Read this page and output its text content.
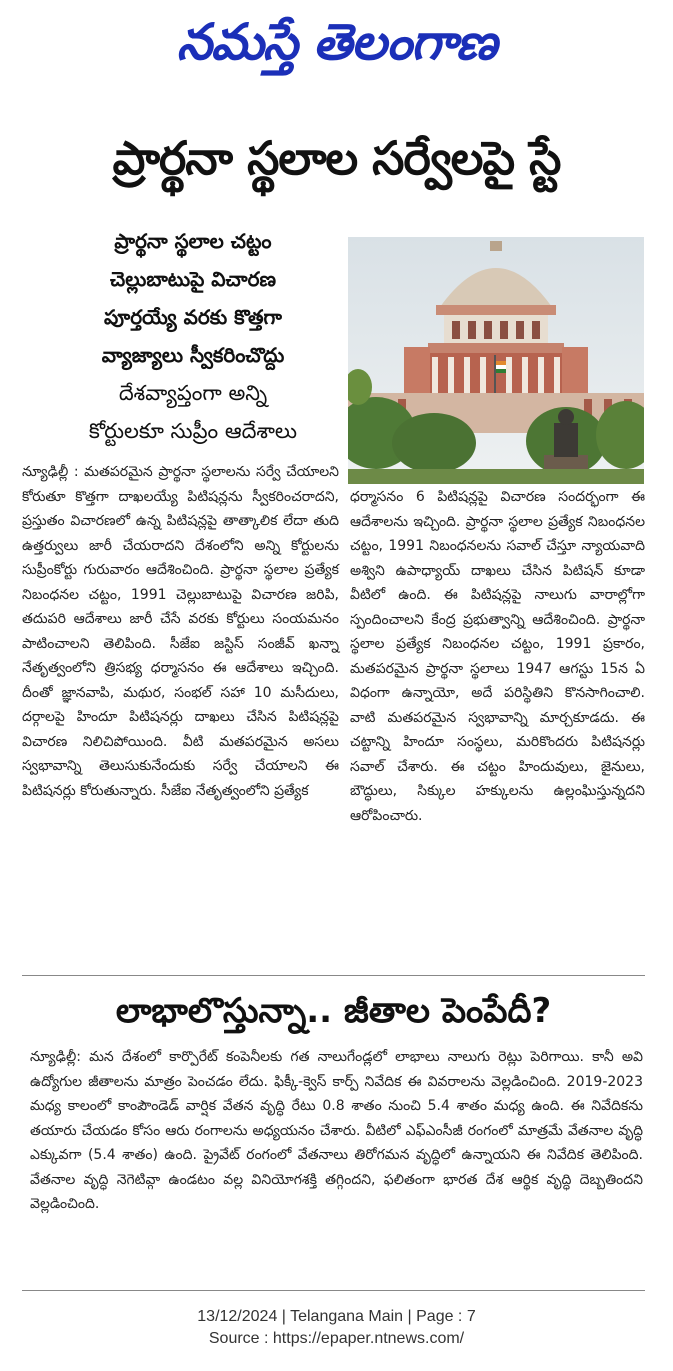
నమస్తే తెలంగాణ
ప్రార్థనా స్థలాల సర్వేలపై స్టే
ప్రార్థనా స్థలాల చట్టం
చెల్లుబాటుపై విచారణ
పూర్తయ్యే వరకు కొత్తగా
వ్యాజ్యాలు స్వీకరించొద్దు
దేశవ్యాప్తంగా అన్ని
కోర్టులకూ సుప్రీం ఆదేశాలు
న్యూఢిల్లీ : మతపరమైన ప్రార్థనా స్థలాలను సర్వే చేయాలని కోరుతూ కొత్తగా దాఖలయ్యే పిటిషన్లను స్వీకరించరాదని, ప్రస్తుతం విచారణలో ఉన్న పిటిషన్లపై తాత్కాలిక లేదా తుది ఉత్తర్వులు జారీ చేయరాదని దేశంలోని అన్ని కోర్టులను సుప్రీంకోర్టు గురువారం ఆదేశించింది. ప్రార్థనా స్థలాల ప్రత్యేక నిబంధనల చట్టం, 1991 చెల్లుబాటుపై విచారణ జరిపి, తదుపరి ఆదేశాలు జారీ చేసే వరకు కోర్టులు సంయమనం పాటించాలని తెలిపింది. సీజేఐ జస్టిస్ సంజీవ్ ఖన్నా నేతృత్వంలోని త్రిసభ్య ధర్మాసనం ఈ ఆదేశాలు ఇచ్చింది. దీంతో జ్ఞానవాపి, మథుర, సంభల్ సహా 10 మసీదులు, దర్గాలపై హిందూ పిటిషనర్లు దాఖలు చేసిన పిటిషన్లపై విచారణ నిలిచిపోయింది. వీటి మతపరమైన అసలు స్వభావాన్ని తెలుసుకునేందుకు సర్వే చేయాలని ఈ పిటిషనర్లు కోరుతున్నారు. సీజేఐ నేతృత్వంలోని ప్రత్యేక
ధర్మాసనం 6 పిటిషన్లపై విచారణ సందర్భంగా ఈ ఆదేశాలను ఇచ్చింది. ప్రార్థనా స్థలాల ప్రత్యేక నిబంధనల చట్టం, 1991 నిబంధనలను సవాల్ చేస్తూ న్యాయవాది అశ్విని ఉపాధ్యాయ్ దాఖలు చేసిన పిటిషన్ కూడా వీటిలో ఉంది. ఈ పిటిషన్లపై నాలుగు వారాల్లోగా స్పందించాలని కేంద్ర ప్రభుత్వాన్ని ఆదేశించింది. ప్రార్థనా స్థలాల ప్రత్యేక నిబంధనల చట్టం, 1991 ప్రకారం, మతపరమైన ప్రార్థనా స్థలాలు 1947 ఆగస్టు 15న ఏ విధంగా ఉన్నాయో, అదే పరిస్థితిని కొనసాగించాలి. వాటి మతపరమైన స్వభావాన్ని మార్చకూడదు. ఈ చట్టాన్ని హిందూ సంస్థలు, మరికొందరు పిటిషనర్లు సవాల్ చేశారు. ఈ చట్టం హిందువులు, జైనులు, బౌద్ధులు, సిక్కుల హక్కులను ఉల్లంఘిస్తున్నదని ఆరోపించారు.
లాభాలొస్తున్నా.. జీతాల పెంపేదీ?
న్యూఢిల్లీ: మన దేశంలో కార్పొరేట్ కంపెనీలకు గత నాలుగేండ్లలో లాభాలు నాలుగు రెట్లు పెరిగాయి. కానీ అవి ఉద్యోగుల జీతాలను మాత్రం పెంచడం లేదు. ఫిక్కీ-క్వెస్ కార్ప్ నివేదిక ఈ వివరాలను వెల్లడించింది. 2019-2023 మధ్య కాలంలో కాంపౌండెడ్ వార్షిక వేతన వృద్ధి రేటు 0.8 శాతం నుంచి 5.4 శాతం మధ్య ఉంది. ఈ నివేదికను తయారు చేయడం కోసం ఆరు రంగాలను అధ్యయనం చేశారు. వీటిలో ఎఫ్ఎంసీజీ రంగంలో మాత్రమే వేతనాల వృద్ధి ఎక్కువగా (5.4 శాతం) ఉంది. ప్రైవేట్ రంగంలో వేతనాలు తిరోగమన వృద్ధిలో ఉన్నాయని ఈ నివేదిక తెలిపింది. వేతనాల వృద్ధి నెగెటివ్గా ఉండటం వల్ల వినియోగశక్తి తగ్గిందని, ఫలితంగా భారత దేశ ఆర్థిక వృద్ధి దెబ్బతిందని వెల్లడించింది.
13/12/2024 | Telangana Main | Page : 7
Source : https://epaper.ntnews.com/
